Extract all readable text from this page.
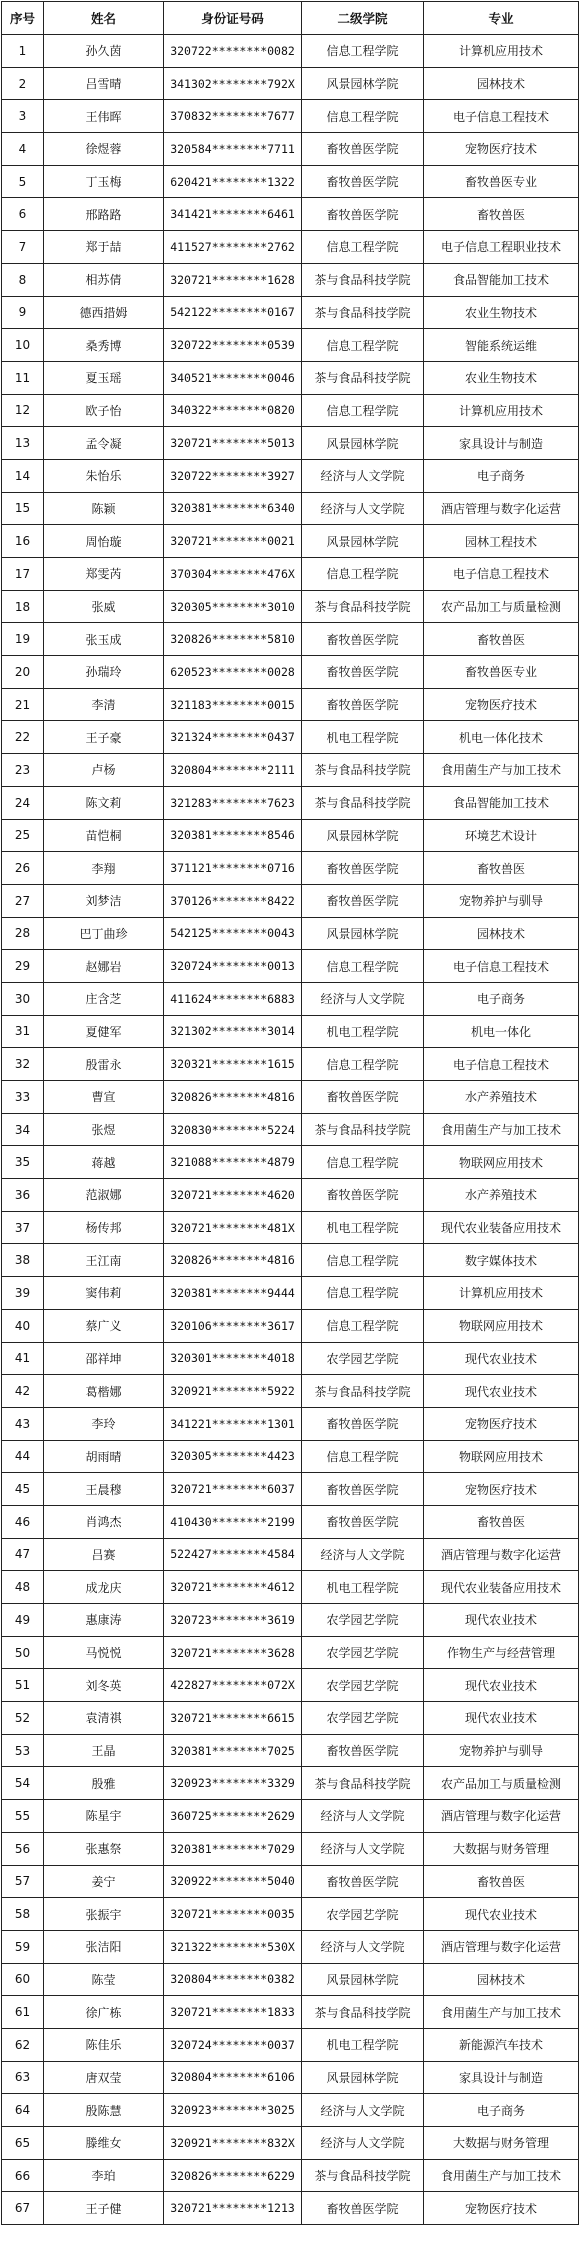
序号	姓名	身份证号码	二级学院	专业
1	孙久茵	320722********0082	信息工程学院	计算机应用技术
2	吕雪晴	341302********792X	风景园林学院	园林技术
3	王伟晖	370832********7677	信息工程学院	电子信息工程技术
4	徐煜蓉	320584********7711	畜牧兽医学院	宠物医疗技术
5	丁玉梅	620421********1322	畜牧兽医学院	畜牧兽医专业
6	邢路路	341421********6461	畜牧兽医学院	畜牧兽医
7	郑于喆	411527********2762	信息工程学院	电子信息工程职业技术
8	相苏倩	320721********1628	茶与食品科技学院	食品智能加工技术
9	德西措姆	542122********0167	茶与食品科技学院	农业生物技术
10	桑秀博	320722********0539	信息工程学院	智能系统运维
11	夏玉瑶	340521********0046	茶与食品科技学院	农业生物技术
12	欧子怡	340322********0820	信息工程学院	计算机应用技术
13	孟令凝	320721********5013	风景园林学院	家具设计与制造
14	朱怡乐	320722********3927	经济与人文学院	电子商务
15	陈颖	320381********6340	经济与人文学院	酒店管理与数字化运营
16	周怡璇	320721********0021	风景园林学院	园林工程技术
17	郑雯芮	370304********476X	信息工程学院	电子信息工程技术
18	张威	320305********3010	茶与食品科技学院	农产品加工与质量检测
19	张玉成	320826********5810	畜牧兽医学院	畜牧兽医
20	孙瑞玲	620523********0028	畜牧兽医学院	畜牧兽医专业
21	李清	321183********0015	畜牧兽医学院	宠物医疗技术
22	王子豪	321324********0437	机电工程学院	机电一体化技术
23	卢杨	320804********2111	茶与食品科技学院	食用菌生产与加工技术
24	陈文莉	321283********7623	茶与食品科技学院	食品智能加工技术
25	苗恺桐	320381********8546	风景园林学院	环境艺术设计
26	李翔	371121********0716	畜牧兽医学院	畜牧兽医
27	刘梦洁	370126********8422	畜牧兽医学院	宠物养护与驯导
28	巴丁曲珍	542125********0043	风景园林学院	园林技术
29	赵娜岩	320724********0013	信息工程学院	电子信息工程技术
30	庄含芝	411624********6883	经济与人文学院	电子商务
31	夏健军	321302********3014	机电工程学院	机电一体化
32	殷雷永	320321********1615	信息工程学院	电子信息工程技术
33	曹宣	320826********4816	畜牧兽医学院	水产养殖技术
34	张煜	320830********5224	茶与食品科技学院	食用菌生产与加工技术
35	蒋越	321088********4879	信息工程学院	物联网应用技术
36	范淑娜	320721********4620	畜牧兽医学院	水产养殖技术
37	杨传邦	320721********481X	机电工程学院	现代农业装备应用技术
38	王江南	320826********4816	信息工程学院	数字媒体技术
39	窦伟莉	320381********9444	信息工程学院	计算机应用技术
40	蔡广义	320106********3617	信息工程学院	物联网应用技术
41	邵祥坤	320301********4018	农学园艺学院	现代农业技术
42	葛楷娜	320921********5922	茶与食品科技学院	现代农业技术
43	李玲	341221********1301	畜牧兽医学院	宠物医疗技术
44	胡雨晴	320305********4423	信息工程学院	物联网应用技术
45	王晨穆	320721********6037	畜牧兽医学院	宠物医疗技术
46	肖鸿杰	410430********2199	畜牧兽医学院	畜牧兽医
47	吕赛	522427********4584	经济与人文学院	酒店管理与数字化运营
48	成龙庆	320721********4612	机电工程学院	现代农业装备应用技术
49	惠康涛	320723********3619	农学园艺学院	现代农业技术
50	马悦悦	320721********3628	农学园艺学院	作物生产与经营管理
51	刘冬英	422827********072X	农学园艺学院	现代农业技术
52	袁清祺	320721********6615	农学园艺学院	现代农业技术
53	王晶	320381********7025	畜牧兽医学院	宠物养护与驯导
54	殷雅	320923********3329	茶与食品科技学院	农产品加工与质量检测
55	陈星宇	360725********2629	经济与人文学院	酒店管理与数字化运营
56	张惠祭	320381********7029	经济与人文学院	大数据与财务管理
57	姜宁	320922********5040	畜牧兽医学院	畜牧兽医
58	张振宇	320721********0035	农学园艺学院	现代农业技术
59	张洁阳	321322********530X	经济与人文学院	酒店管理与数字化运营
60	陈莹	320804********0382	风景园林学院	园林技术
61	徐广栋	320721********1833	茶与食品科技学院	食用菌生产与加工技术
62	陈佳乐	320724********0037	机电工程学院	新能源汽车技术
63	唐双莹	320804********6106	风景园林学院	家具设计与制造
64	殷陈慧	320923********3025	经济与人文学院	电子商务
65	滕维女	320921********832X	经济与人文学院	大数据与财务管理
66	李珀	320826********6229	茶与食品科技学院	食用菌生产与加工技术
67	王子健	320721********1213	畜牧兽医学院	宠物医疗技术
